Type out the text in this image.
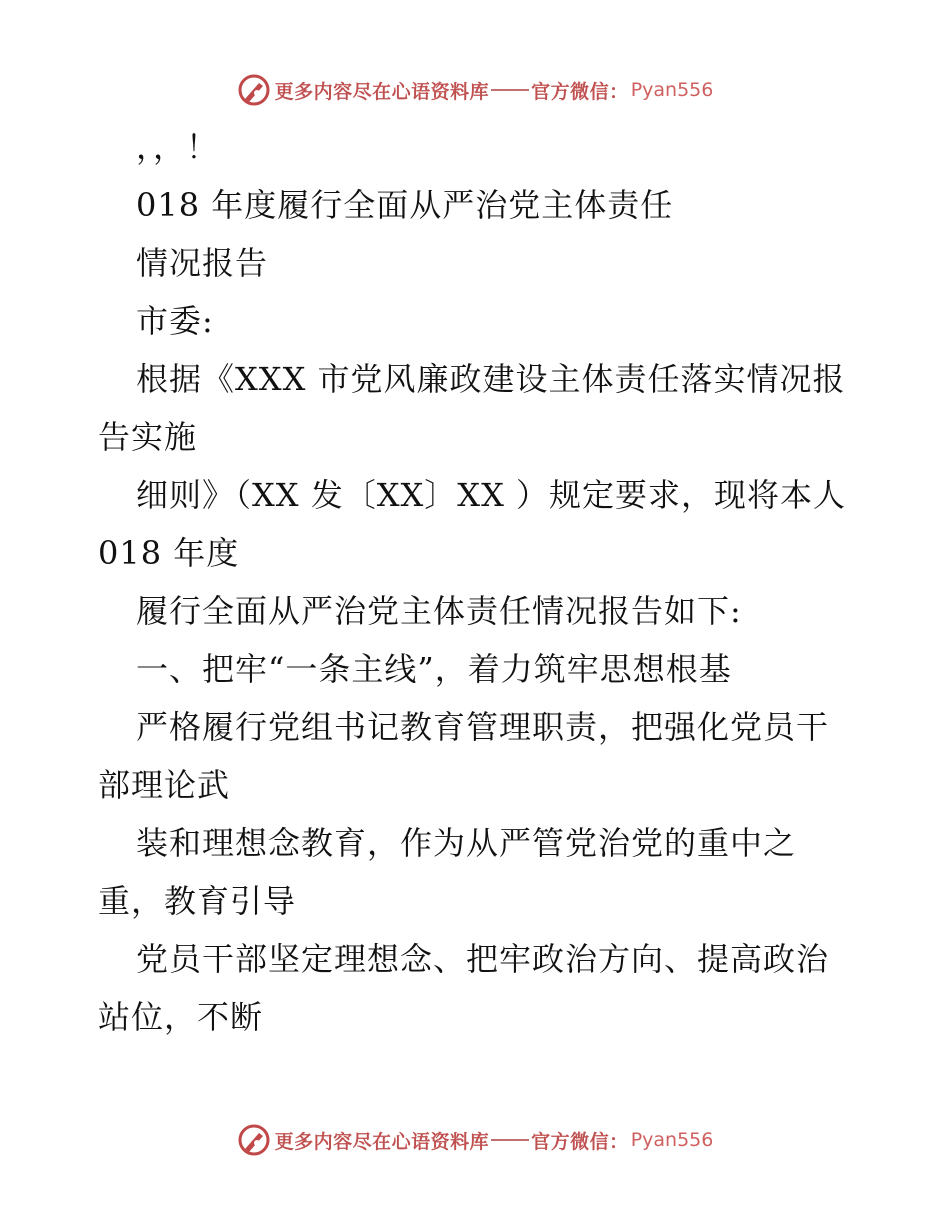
更多内容尽在心语资料库 官方微信： Pyan556
，，！
018 年度履行全面从严治党主体责任
情况报告
市委:
根据《XXX 市党风廉政建设主体责任落实情况报
告实施
细则》（XX 发〔XX〕XX ）规定要求，现将本人
018 年度
履行全面从严治党主体责任情况报告如下:
一、把牢“一条主线”，着力筑牢思想根基
严格履行党组书记教育管理职责，把强化党员干
部理论武
装和理想念教育，作为从严管党治党的重中之
重，教育引导
党员干部坚定理想念、把牢政治方向、提高政治
站位，不断
更多内容尽在心语资料库 官方微信： Pyan556
